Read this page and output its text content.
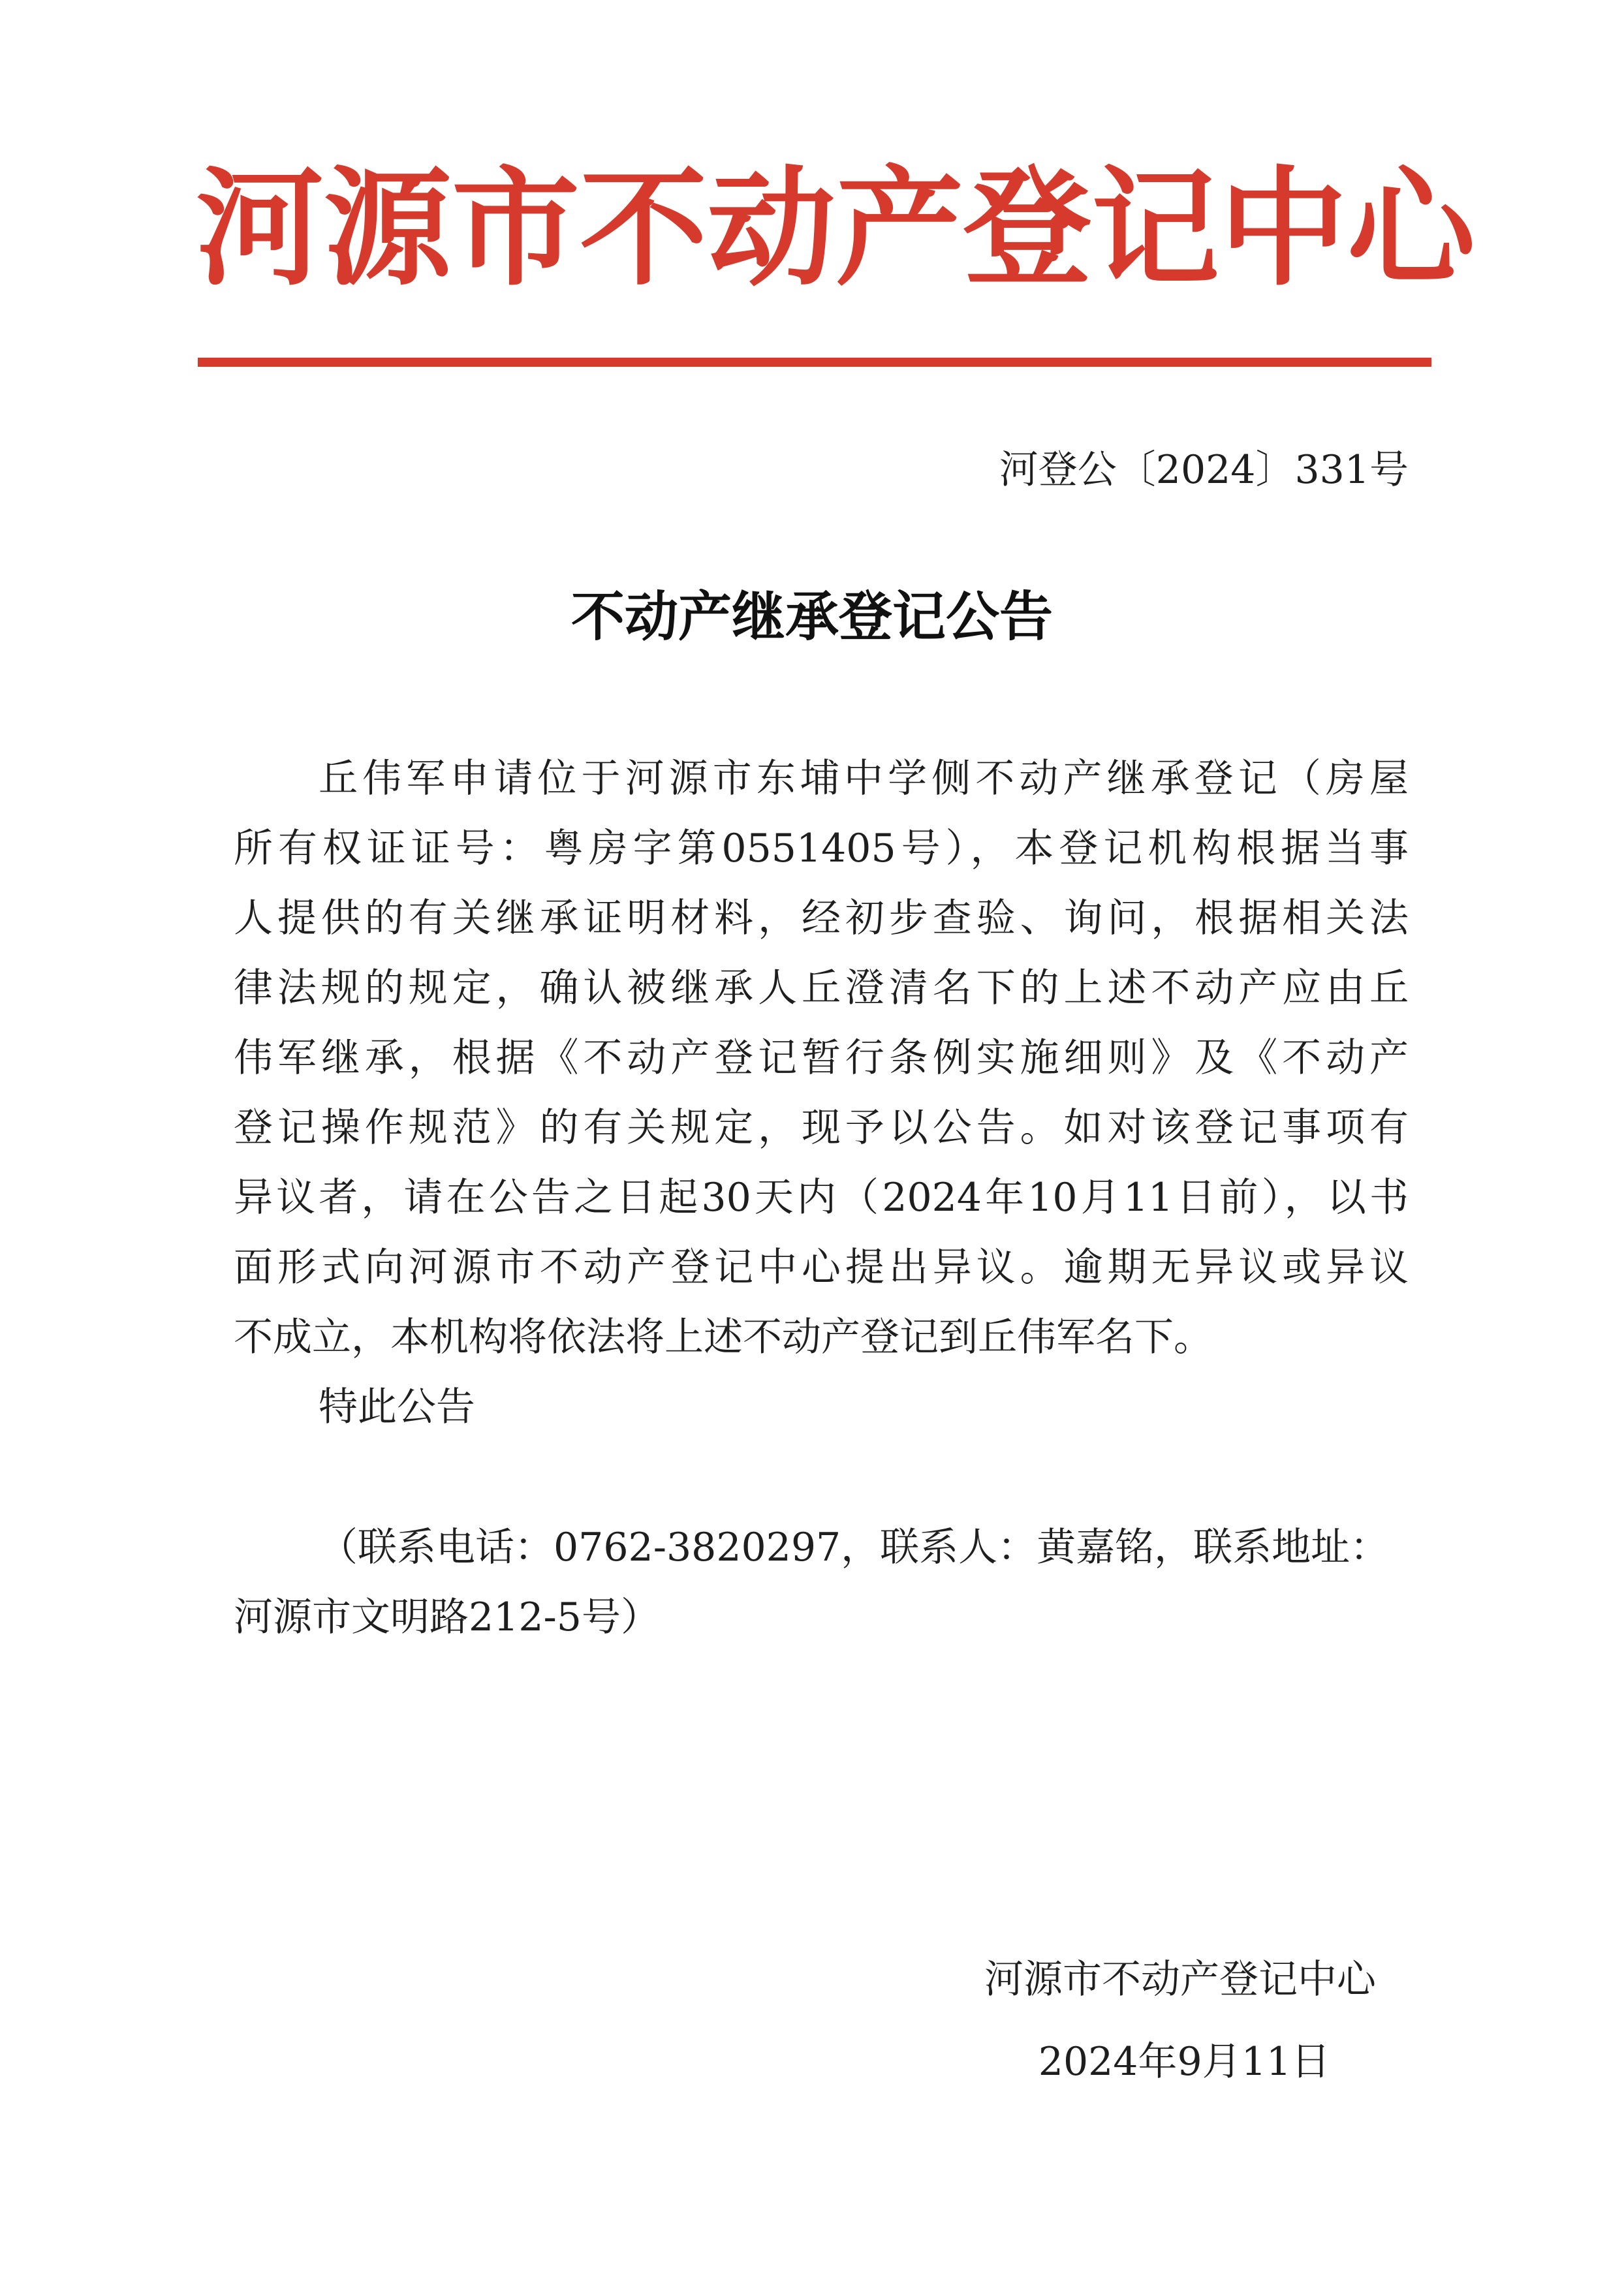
河 源 市 不 动 产 登 记 中 心
河登公〔2024〕331号
不动产继承登记公告
丘伟军申请位于河源市东埔中学侧不动产继承登记（房屋
所有权证证号：粤房字第0551405号），本登记机构根据当事
人提供的有关继承证明材料，经初步查验、询问，根据相关法
律法规的规定，确认被继承人丘澄清名下的上述不动产应由丘
伟军继承，根据《不动产登记暂行条例实施细则》及《不动产
登记操作规范》的有关规定，现予以公告。如对该登记事项有
异议者，请在公告之日起30天内（2024年10月11日前），以书
面形式向河源市不动产登记中心提出异议。逾期无异议或异议
不成立，本机构将依法将上述不动产登记到丘伟军名下。
特此公告
（联系电话：0762-3820297，联系人：黄嘉铭，联系地址：
河源市文明路212-5号）
河源市不动产登记中心
2024年9月11日
